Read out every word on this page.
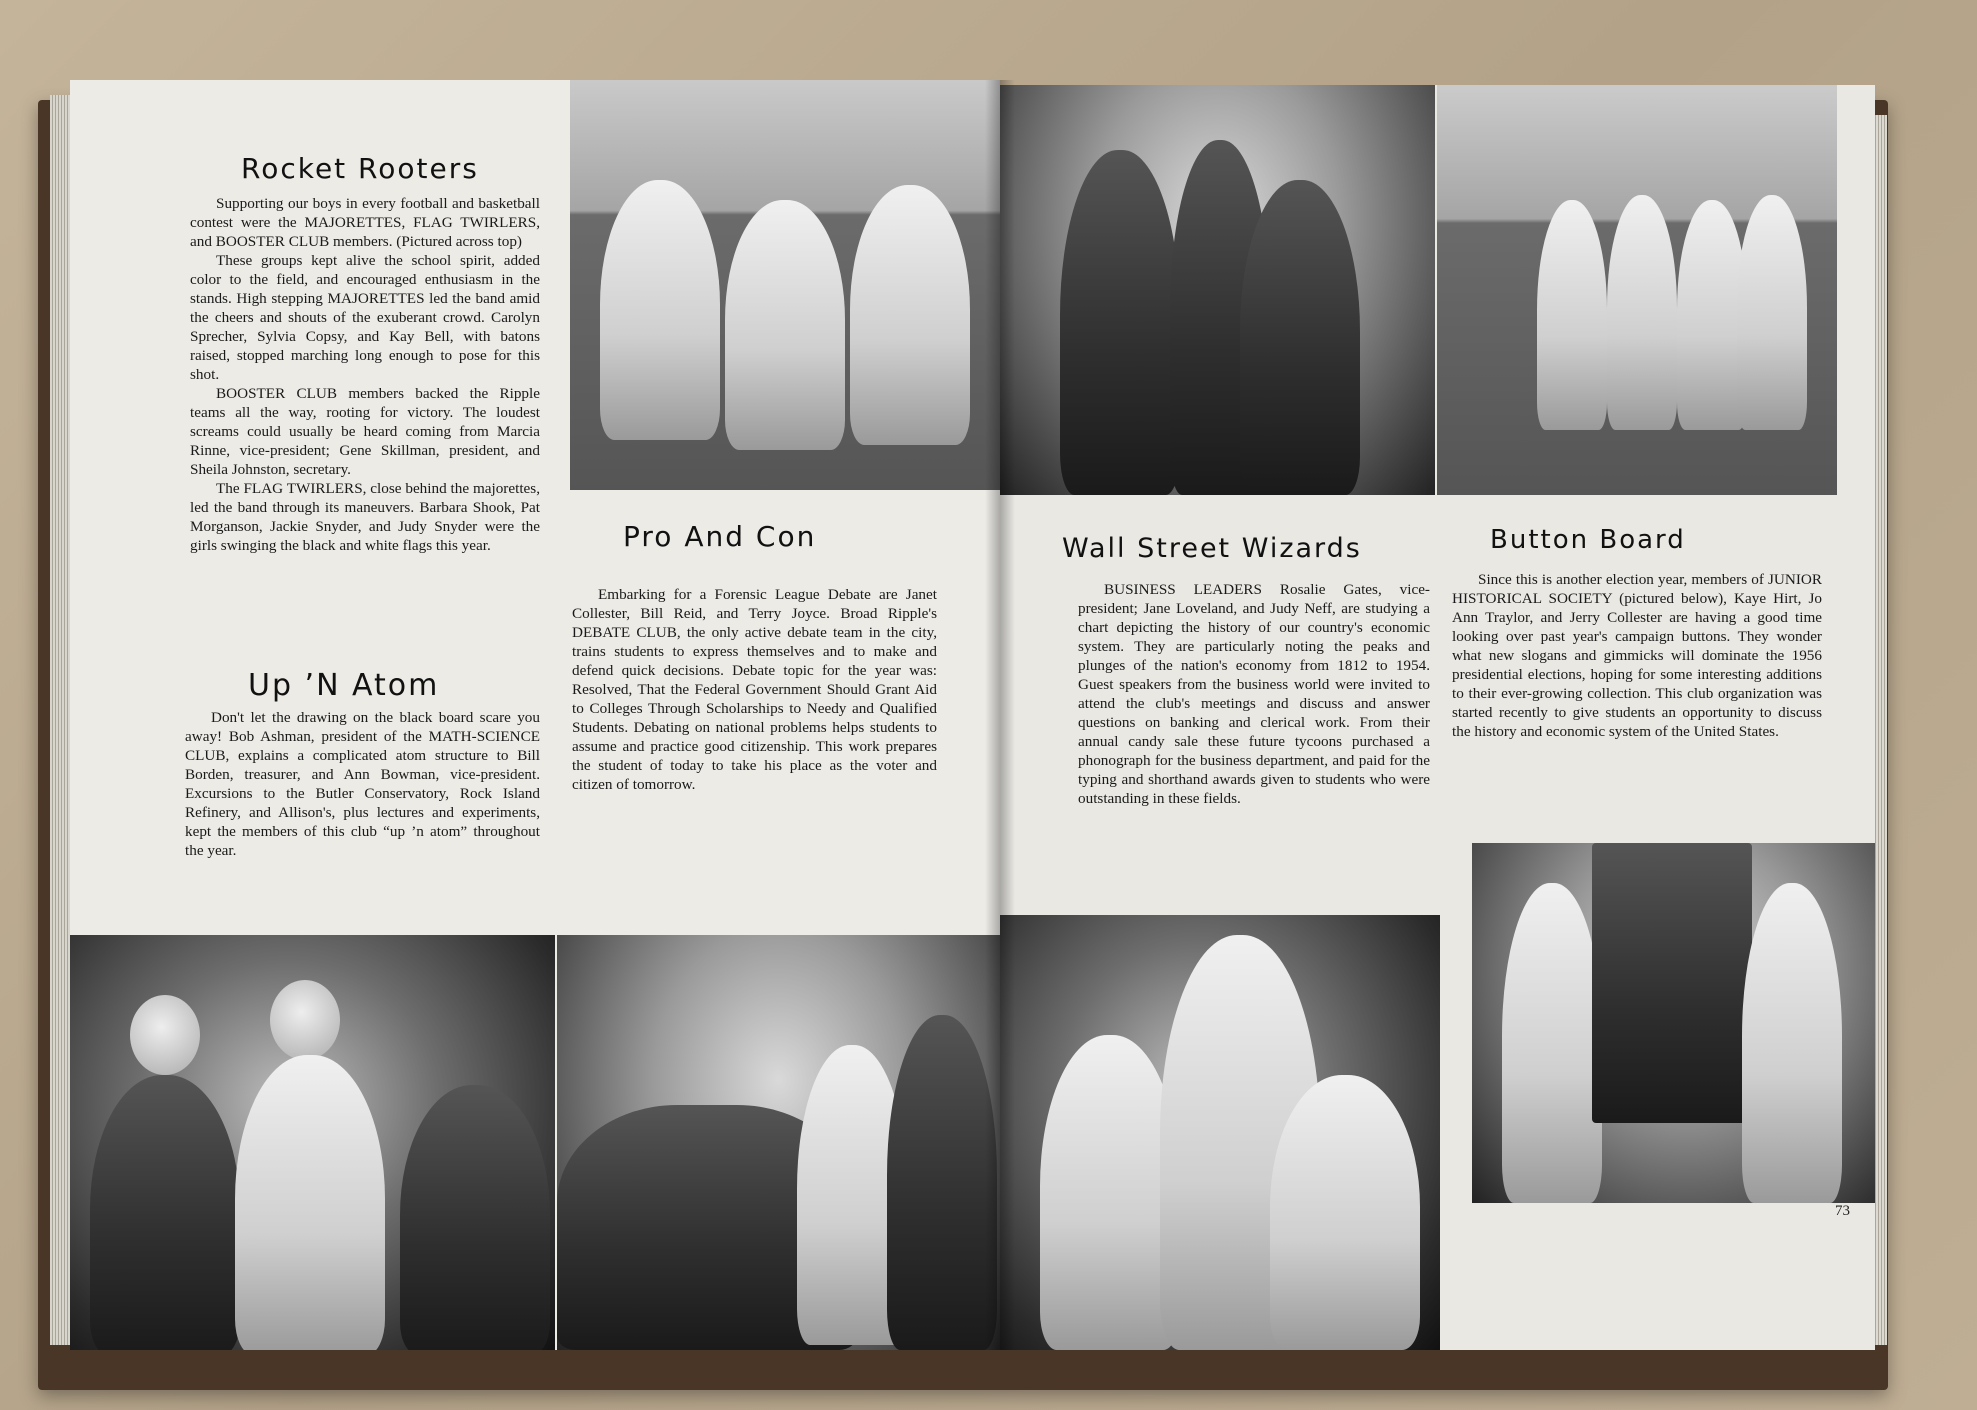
Rocket Rooters

Supporting our boys in every football and basketball contest were the MAJORETTES, FLAG TWIRLERS, and BOOSTER CLUB members. (Pictured across top)

These groups kept alive the school spirit, added color to the field, and encouraged enthusiasm in the stands. High stepping MAJORETTES led the band amid the cheers and shouts of the exuberant crowd. Carolyn Sprecher, Sylvia Copsy, and Kay Bell, with batons raised, stopped marching long enough to pose for this shot.

BOOSTER CLUB members backed the Ripple teams all the way, rooting for victory. The loudest screams could usually be heard coming from Marcia Rinne, vice-president; Gene Skillman, president, and Sheila Johnston, secretary.

The FLAG TWIRLERS, close behind the majorettes, led the band through its maneuvers. Barbara Shook, Pat Morganson, Jackie Snyder, and Judy Snyder were the girls swinging the black and white flags this year.

Up ’N Atom

Don't let the drawing on the black board scare you away! Bob Ashman, president of the MATH-SCIENCE CLUB, explains a complicated atom structure to Bill Borden, treasurer, and Ann Bowman, vice-president. Excursions to the Butler Conservatory, Rock Island Refinery, and Allison's, plus lectures and experiments, kept the members of this club “up ’n atom” throughout the year.

Pro And Con

Embarking for a Forensic League Debate are Janet Collester, Bill Reid, and Terry Joyce. Broad Ripple's DEBATE CLUB, the only active debate team in the city, trains students to express themselves and to make and defend quick decisions. Debate topic for the year was: Resolved, That the Federal Government Should Grant Aid to Colleges Through Scholarships to Needy and Qualified Students. Debating on national problems helps students to assume and practice good citizenship. This work prepares the student of today to take his place as the voter and citizen of tomorrow.

Wall Street Wizards

BUSINESS LEADERS Rosalie Gates, vice-president; Jane Loveland, and Judy Neff, are studying a chart depicting the history of our country's economic system. They are particularly noting the peaks and plunges of the nation's economy from 1812 to 1954. Guest speakers from the business world were invited to attend the club's meetings and discuss and answer questions on banking and clerical work. From their annual candy sale these future tycoons purchased a phonograph for the business department, and paid for the typing and shorthand awards given to students who were outstanding in these fields.

Button Board

Since this is another election year, members of JUNIOR HISTORICAL SOCIETY (pictured below), Kaye Hirt, Jo Ann Traylor, and Jerry Collester are having a good time looking over past year's campaign buttons. They wonder what new slogans and gimmicks will dominate the 1956 presidential elections, hoping for some interesting additions to their ever-growing collection. This club organization was started recently to give students an opportunity to discuss the history and economic system of the United States.

73
